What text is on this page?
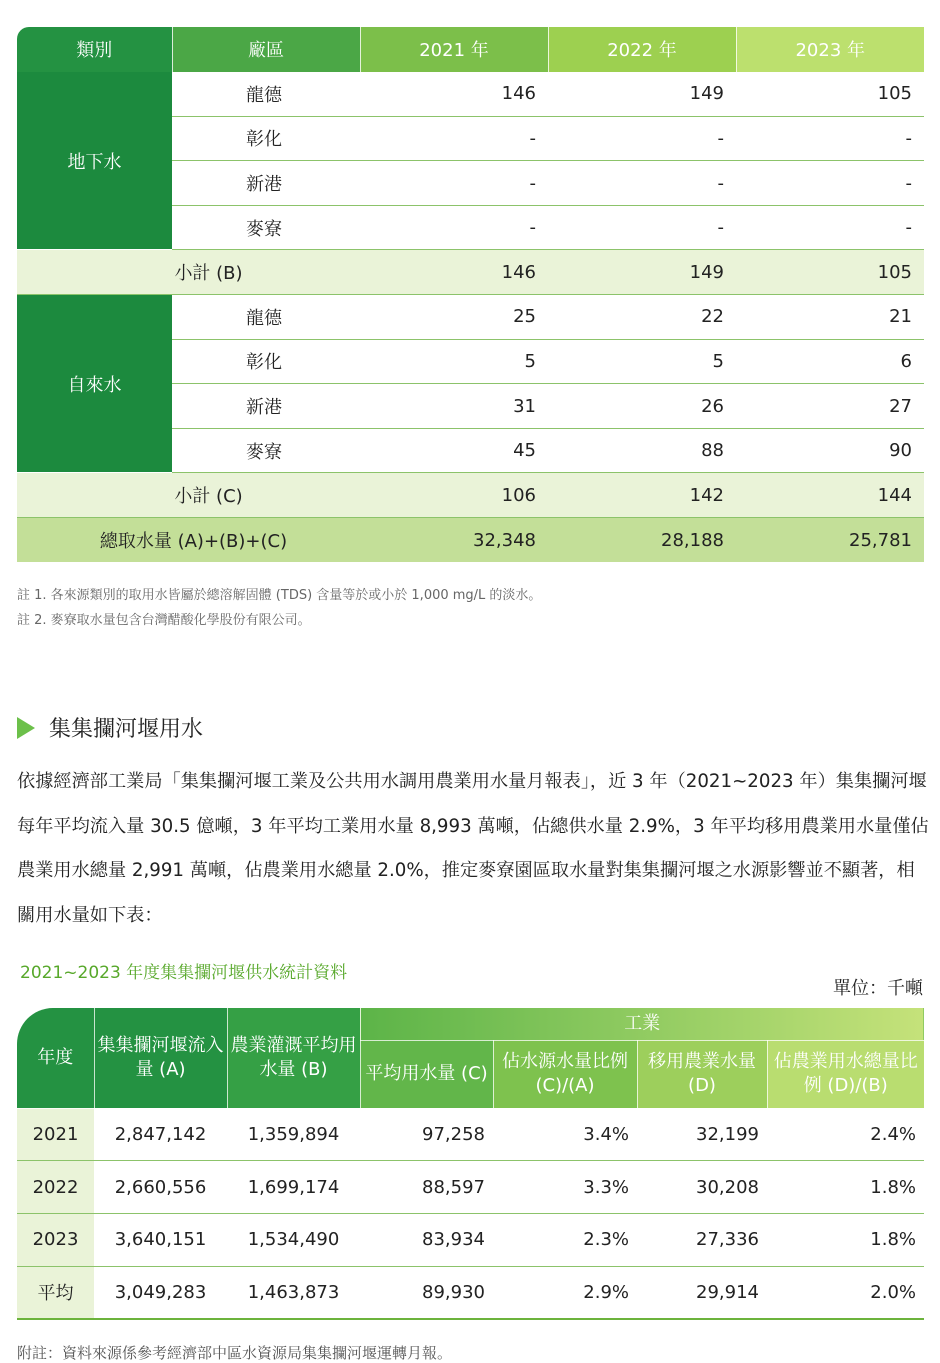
類別	廠區	2021 年	2022 年	2023 年
地下水	龍德	146	149	105
	彰化	-	-	-
	新港	-	-	-
	麥寮	-	-	-
小計 (B)		146	149	105
自來水	龍德	25	22	21
	彰化	5	5	6
	新港	31	26	27
	麥寮	45	88	90
小計 (C)		106	142	144
總取水量 (A)+(B)+(C)		32,348	28,188	25,781
註 1. 各來源類別的取用水皆屬於總溶解固體 (TDS) 含量等於或小於 1,000 mg/L 的淡水。
註 2. 麥寮取水量包含台灣醋酸化學股份有限公司。
集集攔河堰用水

依據經濟部工業局「集集攔河堰工業及公共用水調用農業用水量月報表」，近 3 年（2021~2023 年）集集攔河堰每年平均流入量 30.5 億噸，3 年平均工業用水量 8,993 萬噸，佔總供水量 2.9%，3 年平均移用農業用水量僅佔農業用水總量 2,991 萬噸，佔農業用水總量 2.0%，推定麥寮園區取水量對集集攔河堰之水源影響並不顯著，相關用水量如下表：

2021~2023 年度集集攔河堰供水統計資料
單位：千噸
年度	集集攔河堰流入量 (A)	農業灌溉平均用水量 (B)	工業			
			平均用水量 (C)	佔水源水量比例 (C)/(A)	移用農業水量 (D)	佔農業用水總量比例 (D)/(B)
2021	2,847,142	1,359,894	97,258	3.4%	32,199	2.4%
2022	2,660,556	1,699,174	88,597	3.3%	30,208	1.8%
2023	3,640,151	1,534,490	83,934	2.3%	27,336	1.8%
平均	3,049,283	1,463,873	89,930	2.9%	29,914	2.0%
附註：資料來源係參考經濟部中區水資源局集集攔河堰運轉月報。
